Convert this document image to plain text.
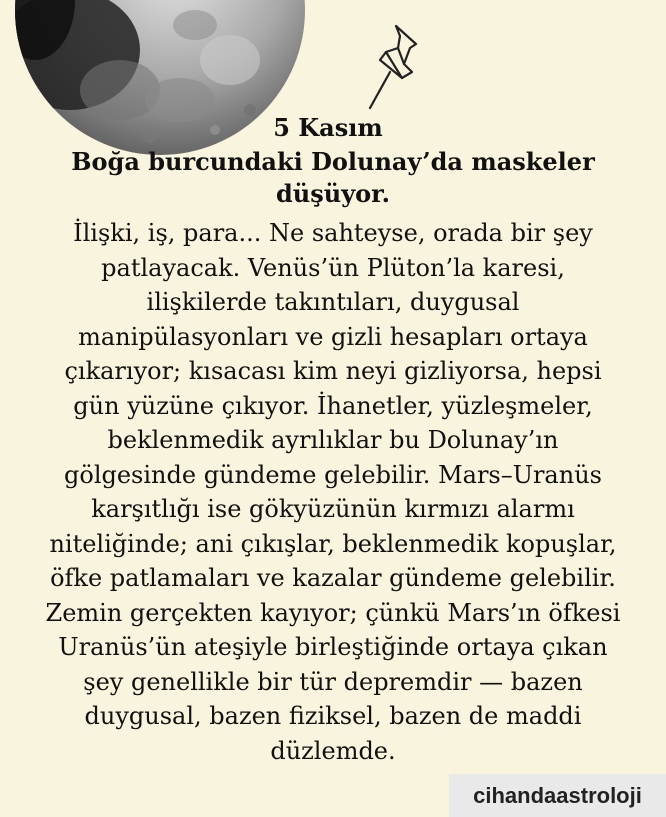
5 Kasım
Boğa burcundaki Dolunay’da maskeler
düşüyor.
İlişki, iş, para... Ne sahteyse, orada bir şey
patlayacak. Venüs’ün Plüton’la karesi,
ilişkilerde takıntıları, duygusal
manipülasyonları ve gizli hesapları ortaya
çıkarıyor; kısacası kim neyi gizliyorsa, hepsi
gün yüzüne çıkıyor. İhanetler, yüzleşmeler,
beklenmedik ayrılıklar bu Dolunay’ın
gölgesinde gündeme gelebilir. Mars–Uranüs
karşıtlığı ise gökyüzünün kırmızı alarmı
niteliğinde; ani çıkışlar, beklenmedik kopuşlar,
öfke patlamaları ve kazalar gündeme gelebilir.
Zemin gerçekten kayıyor; çünkü Mars’ın öfkesi
Uranüs’ün ateşiyle birleştiğinde ortaya çıkan
şey genellikle bir tür depremdir — bazen
duygusal, bazen fiziksel, bazen de maddi
düzlemde.
cihandaastroloji
